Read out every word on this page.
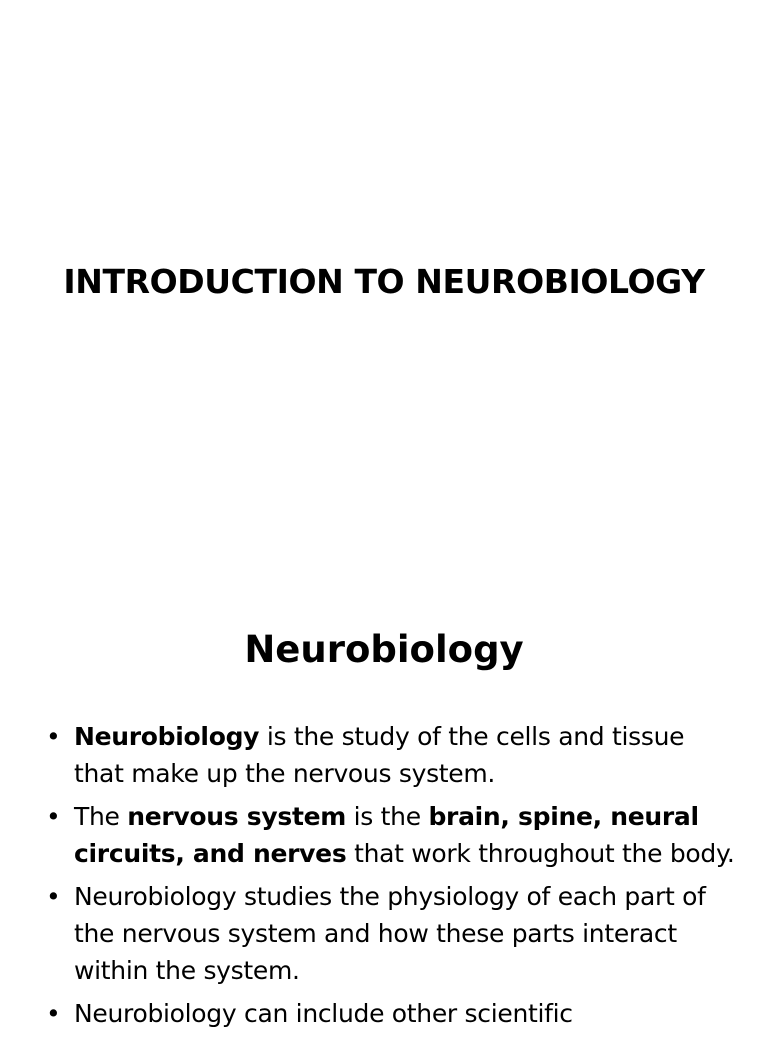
INTRODUCTION TO NEUROBIOLOGY
Neurobiology
• Neurobiology is the study of the cells and tissue that make up the nervous system.
• The nervous system is the brain, spine, neural circuits, and nerves that work throughout the body.
• Neurobiology studies the physiology of each part of the nervous system and how these parts interact within the system.
• Neurobiology can include other scientific
